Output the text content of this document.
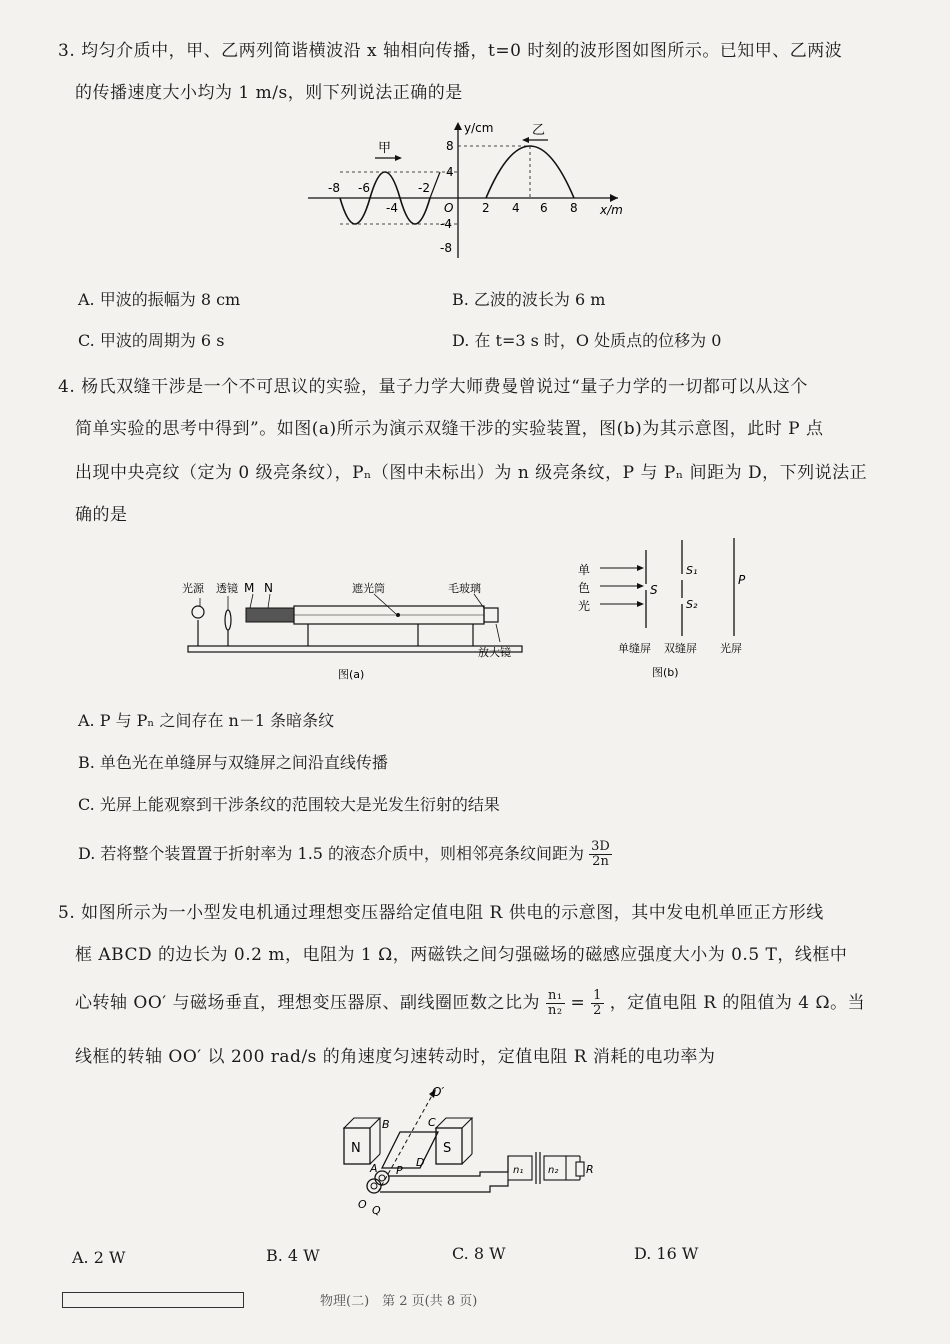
3. 均匀介质中，甲、乙两列简谐横波沿 x 轴相向传播，t=0 时刻的波形图如图所示。已知甲、乙两波
的传播速度大小均为 1 m/s，则下列说法正确的是
y/cm
x/m
O
甲
乙
8
4
-4
-8
-8 -6
-4
-2
2 4 6 8
A. 甲波的振幅为 8 cm	B. 乙波的波长为 6 m
C. 甲波的周期为 6 s	D. 在 t=3 s 时，O 处质点的位移为 0
4. 杨氏双缝干涉是一个不可思议的实验，量子力学大师费曼曾说过“量子力学的一切都可以从这个
简单实验的思考中得到”。如图(a)所示为演示双缝干涉的实验装置，图(b)为其示意图，此时 P 点
出现中央亮纹（定为 0 级亮条纹），Pₙ（图中未标出）为 n 级亮条纹，P 与 Pₙ 间距为 D，下列说法正
确的是
光源 透镜 M N	遮光筒	毛玻璃
放大镜
图(a)
单
色
光
S
S₁
S₂
P
单缝屏 双缝屏 光屏
图(b)
A. P 与 Pₙ 之间存在 n－1 条暗条纹
B. 单色光在单缝屏与双缝屏之间沿直线传播
C. 光屏上能观察到干涉条纹的范围较大是光发生衍射的结果
D. 若将整个装置置于折射率为 1.5 的液态介质中，则相邻亮条纹间距为 $\frac{3D}{2n}$
5. 如图所示为一小型发电机通过理想变压器给定值电阻 R 供电的示意图，其中发电机单匝正方形线
框 ABCD 的边长为 0.2 m，电阻为 1 Ω，两磁铁之间匀强磁场的磁感应强度大小为 0.5 T，线框中
心转轴 OO′ 与磁场垂直，理想变压器原、副线圈匝数之比为 $\frac{\text{n₁}}{\text{n₂}} = \frac{1}{2}$ ，定值电阻 R 的阻值为 4 Ω。当
线框的转轴 OO′ 以 200 rad/s 的角速度匀速转动时，定值电阻 R 消耗的电功率为
O′
N	S
A
B	C
D
P
O Q
n₁ n₂	R
A. 2 W	B. 4 W	C. 8 W	D. 16 W
物理(二)　第 2 页(共 8 页)
